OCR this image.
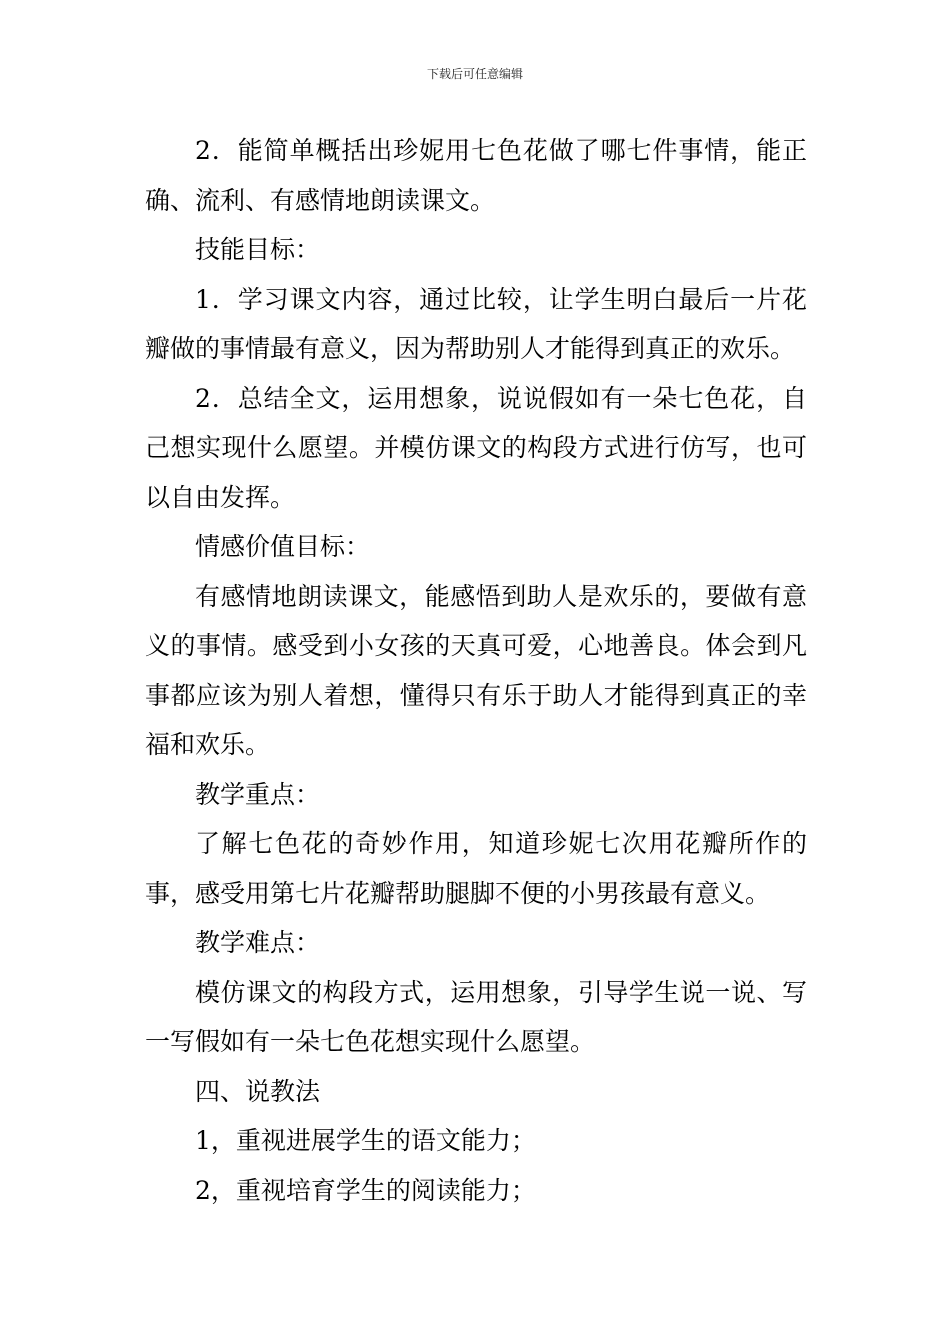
下载后可任意编辑

2．能简单概括出珍妮用七色花做了哪七件事情，能正确、流利、有感情地朗读课文。

技能目标：

1．学习课文内容，通过比较，让学生明白最后一片花瓣做的事情最有意义，因为帮助别人才能得到真正的欢乐。

2．总结全文，运用想象，说说假如有一朵七色花，自己想实现什么愿望。并模仿课文的构段方式进行仿写，也可以自由发挥。

情感价值目标：

有感情地朗读课文，能感悟到助人是欢乐的，要做有意义的事情。感受到小女孩的天真可爱，心地善良。体会到凡事都应该为别人着想，懂得只有乐于助人才能得到真正的幸福和欢乐。

教学重点：

了解七色花的奇妙作用，知道珍妮七次用花瓣所作的事，感受用第七片花瓣帮助腿脚不便的小男孩最有意义。

教学难点：

模仿课文的构段方式，运用想象，引导学生说一说、写一写假如有一朵七色花想实现什么愿望。

四、说教法

1，重视进展学生的语文能力；

2，重视培育学生的阅读能力；
